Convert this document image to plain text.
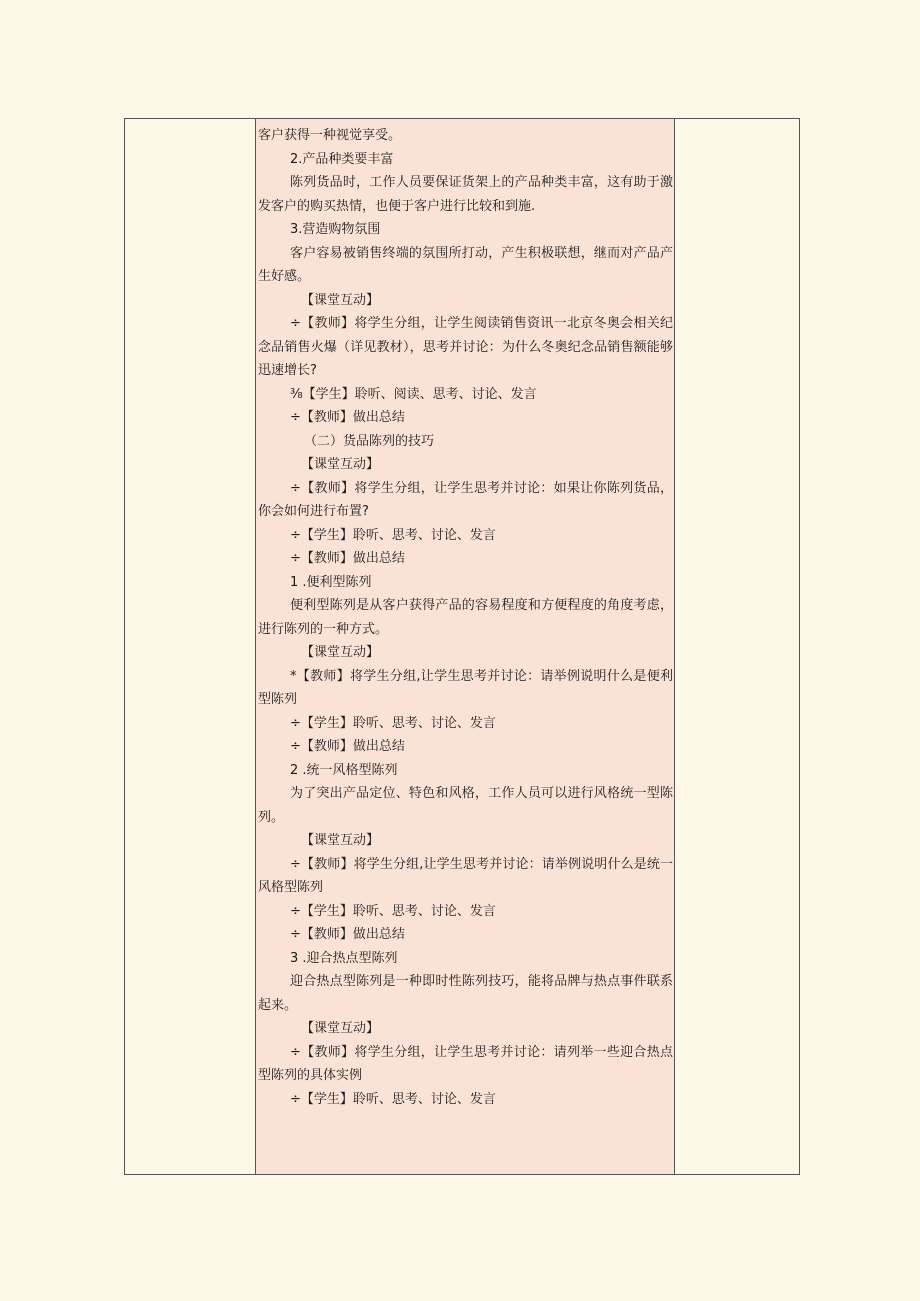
客户获得一种视觉享受。

2.产品种类要丰富

陈列货品时，工作人员要保证货架上的产品种类丰富，这有助于激发客户的购买热情，也便于客户进行比较和到施.

3.营造购物氛围

客户容易被销售终端的氛围所打动，产生积极联想，继而对产品产生好感。

【课堂互动】

÷【教师】将学生分组，让学生阅读销售资讯一北京冬奥会相关纪念品销售火爆（详见教材），思考并讨论：为什么冬奥纪念品销售额能够迅速增长?

⅜【学生】聆听、阅读、思考、讨论、发言

÷【教师】做出总结

（二）货品陈列的技巧

【课堂互动】

÷【教师】将学生分组，让学生思考并讨论：如果让你陈列货品，你会如何进行布置?

÷【学生】聆听、思考、讨论、发言

÷【教师】做出总结

1 .便利型陈列

便利型陈列是从客户获得产品的容易程度和方便程度的角度考虑，进行陈列的一种方式。

【课堂互动】

*【教师】将学生分组,让学生思考并讨论：请举例说明什么是便利型陈列

÷【学生】聆听、思考、讨论、发言

÷【教师】做出总结

2 .统一风格型陈列

为了突出产品定位、特色和风格，工作人员可以进行风格统一型陈列。

【课堂互动】

÷【教师】将学生分组,让学生思考并讨论：请举例说明什么是统一风格型陈列

÷【学生】聆听、思考、讨论、发言

÷【教师】做出总结

3 .迎合热点型陈列

迎合热点型陈列是一种即时性陈列技巧，能将品牌与热点事件联系起来。

【课堂互动】

÷【教师】将学生分组，让学生思考并讨论：请列举一些迎合热点型陈列的具体实例

÷【学生】聆听、思考、讨论、发言
